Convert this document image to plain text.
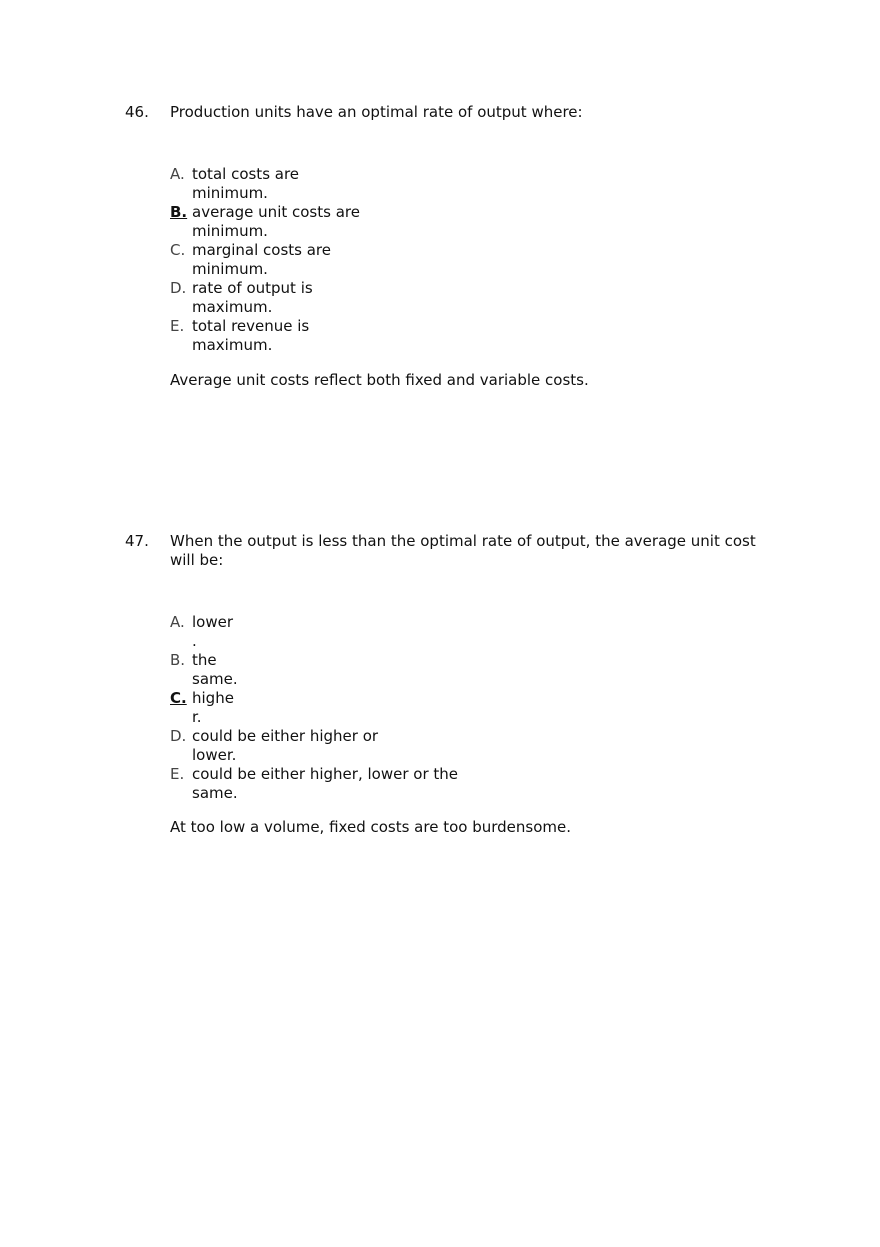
46. Production units have an optimal rate of output where:
A. total costs are
minimum.
B. average unit costs are
minimum.
C. marginal costs are
minimum.
D. rate of output is
maximum.
E. total revenue is
maximum.
Average unit costs reflect both fixed and variable costs.
47. When the output is less than the optimal rate of output, the average unit cost will be:
A. lower
.
B. the
same.
C. highe
r.
D. could be either higher or
lower.
E. could be either higher, lower or the
same.
At too low a volume, fixed costs are too burdensome.
